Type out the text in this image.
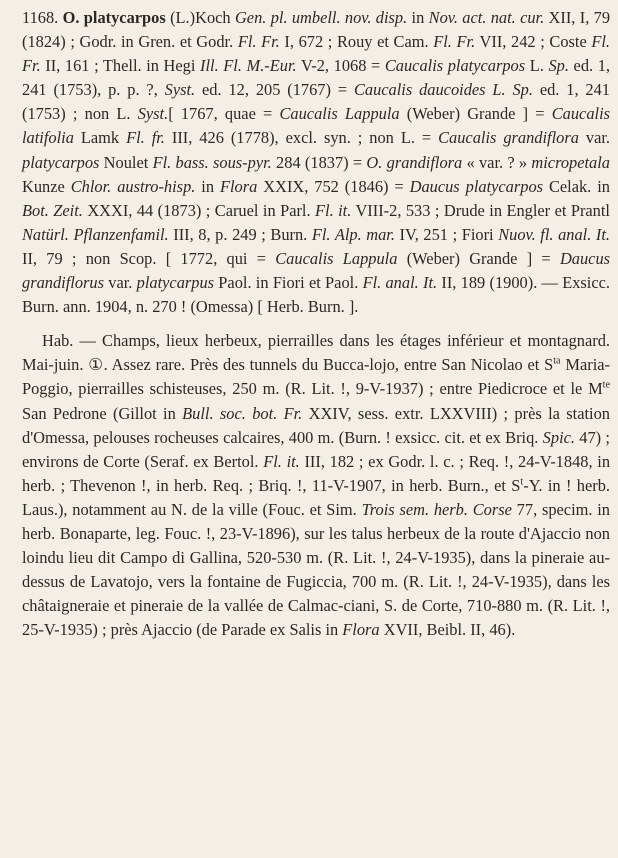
1168. O. platycarpos (L.)Koch Gen. pl. umbell. nov. disp. in Nov. act. nat. cur. XII, I, 79 (1824) ; Godr. in Gren. et Godr. Fl. Fr. I, 672 ; Rouy et Cam. Fl. Fr. VII, 242 ; Coste Fl. Fr. II, 161 ; Thell. in Hegi Ill. Fl. M.-Eur. V-2, 1068 = Caucalis platycarpos L. Sp. ed. 1, 241 (1753), p. p. ?, Syst. ed. 12, 205 (1767) = Caucalis daucoides L. Sp. ed. 1, 241 (1753) ; non L. Syst.[ 1767, quae = Caucalis Lappula (Weber) Grande ] = Caucalis latifolia Lamk Fl. fr. III, 426 (1778), excl. syn. ; non L. = Caucalis grandiflora var. platycarpos Noulet Fl. bass. sous-pyr. 284 (1837) = O. grandiflora « var. ? » micropetala Kunze Chlor. austro-hisp. in Flora XXIX, 752 (1846) = Daucus platycarpos Celak. in Bot. Zeit. XXXI, 44 (1873) ; Caruel in Parl. Fl. it. VIII-2, 533 ; Drude in Engler et Prantl Natürl. Pflanzenfamil. III, 8, p. 249 ; Burn. Fl. Alp. mar. IV, 251 ; Fiori Nuov. fl. anal. It. II, 79 ; non Scop. [ 1772, qui = Caucalis Lappula (Weber) Grande ] = Daucus grandiflorus var. platycarpus Paol. in Fiori et Paol. Fl. anal. It. II, 189 (1900). — Exsicc. Burn. ann. 1904, n. 270 ! (Omessa) [ Herb. Burn. ].

Hab. — Champs, lieux herbeux, pierrailles dans les étages inférieur et montagnard. Mai-juin. ①. Assez rare. Près des tunnels du Bucca-lojo, entre San Nicolao et $S^{ta}$ Maria-Poggio, pierrailles schisteuses, 250 m. (R. Lit. !, 9-V-1937) ; entre Piedicroce et le $M^{te}$ San Pedrone (Gillot in Bull. soc. bot. Fr. XXIV, sess. extr. LXXVIII) ; près la station d'Omessa, pelouses rocheuses calcaires, 400 m. (Burn. ! exsicc. cit. et ex Briq. Spic. 47) ; environs de Corte (Seraf. ex Bertol. Fl. it. III, 182 ; ex Godr. l. c. ; Req. !, 24-V-1848, in herb. ; Thevenon !, in herb. Req. ; Briq. !, 11-V-1907, in herb. Burn., et $S^t-Y$. in ! herb. Laus.), notamment au N. de la ville (Fouc. et Sim. Trois sem. herb. Corse 77, specim. in herb. Bonaparte, leg. Fouc. !, 23-V-1896), sur les talus herbeux de la route d'Ajaccio non loindu lieu dit Campo di Gallina, 520-530 m. (R. Lit. !, 24-V-1935), dans la pineraie au-dessus de Lavatojo, vers la fontaine de Fugiccia, 700 m. (R. Lit. !, 24-V-1935), dans les châtaigneraie et pineraie de la vallée de Calmac-ciani, S. de Corte, 710-880 m. (R. Lit. !, 25-V-1935) ; près Ajaccio (de Parade ex Salis in Flora XVII, Beibl. II, 46).
